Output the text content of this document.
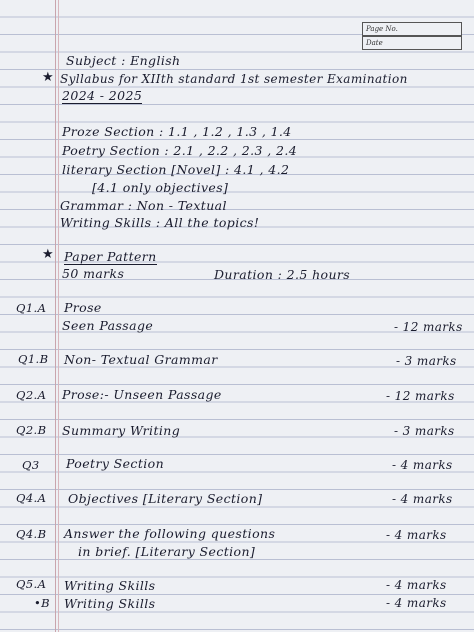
Page No.
Date
Subject : English
★ Syllabus for XIIth standard 1st semester Examination
2024 - 2025
Proze Section : 1.1 , 1.2 , 1.3 , 1.4
Poetry Section : 2.1 , 2.2 , 2.3 , 2.4
literary Section [Novel] : 4.1 , 4.2
[4.1 only objectives]
Grammar : Non - Textual
Writing Skills : All the topics!
★ Paper Pattern
50 marks	Duration : 2.5 hours
Q1.A Prose
Seen Passage	- 12 marks
Q1.B Non- Textual Grammar	- 3 marks
Q2.A Prose:- Unseen Passage	- 12 marks
Q2.B Summary Writing	- 3 marks
Q3 Poetry Section	- 4 marks
Q4.A Objectives [Literary Section]	- 4 marks
Q4.B Answer the following questions	- 4 marks
in brief. [Literary Section]
Q5.A Writing Skills	- 4 marks
•B Writing Skills	- 4 marks
